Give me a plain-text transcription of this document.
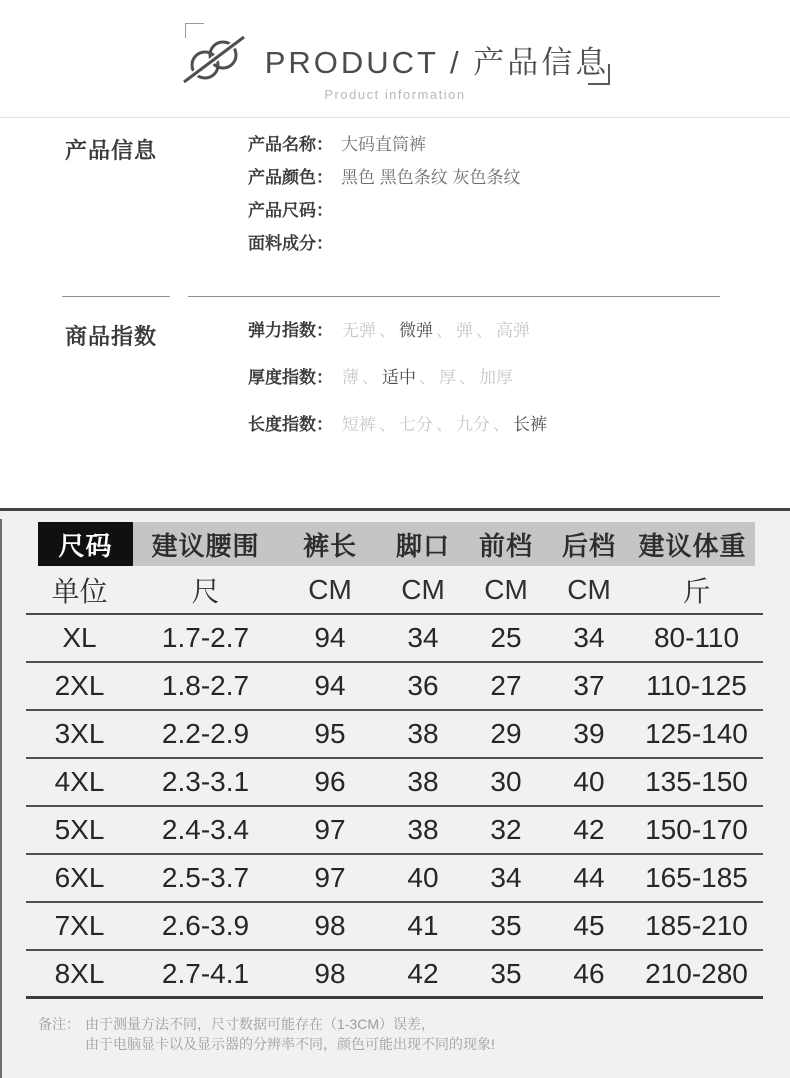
PRODUCT / 产品信息
Product information
产品信息	产品名称： 大码直筒裤
产品颜色： 黑色 黑色条纹 灰色条纹
产品尺码：
面料成分：
商品指数	弹力指数： 无弹 、 微弹 、 弹 、 高弹
厚度指数： 薄 、 适中 、 厚 、 加厚
长度指数： 短裤 、 七分 、 九分 、 长裤
尺码	建议腰围	裤长	脚口	前档	后档	建议体重
单位	尺	CM	CM	CM	CM	斤
XL	1.7-2.7	94	34	25	34	80-110
2XL	1.8-2.7	94	36	27	37	110-125
3XL	2.2-2.9	95	38	29	39	125-140
4XL	2.3-3.1	96	38	30	40	135-150
5XL	2.4-3.4	97	38	32	42	150-170
6XL	2.5-3.7	97	40	34	44	165-185
7XL	2.6-3.9	98	41	35	45	185-210
8XL	2.7-4.1	98	42	35	46	210-280
备注： 由于测量方法不同，尺寸数据可能存在（1-3CM）误差，
由于电脑显卡以及显示器的分辨率不同，颜色可能出现不同的现象!
